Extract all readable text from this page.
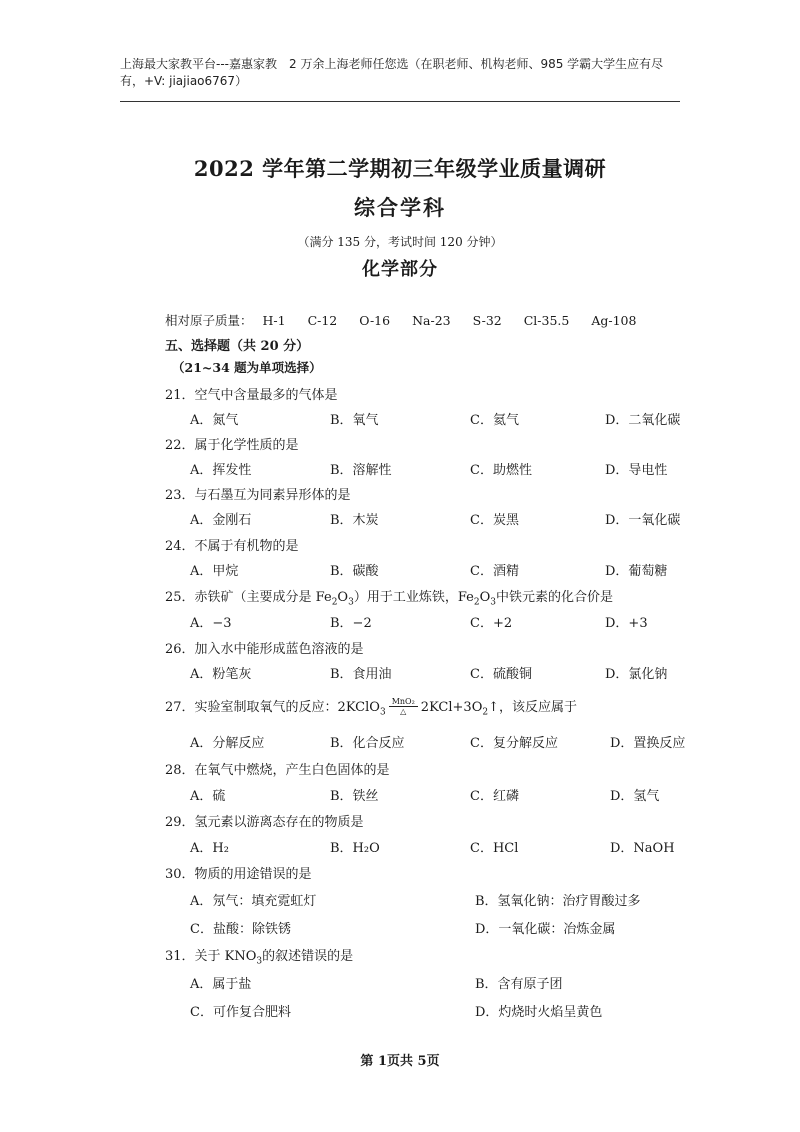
上海最大家教平台---嘉惠家教　2 万余上海老师任您选（在职老师、机构老师、985 学霸大学生应有尽
有，+V: jiajiao6767）
2022 学年第二学期初三年级学业质量调研
综合学科
（满分 135 分，考试时间 120 分钟）
化学部分
相对原子质量： H-1 C-12 O-16 Na-23 S-32 Cl-35.5 Ag-108
五、选择题（共 20 分）
（21~34 题为单项选择）
21．空气中含量最多的气体是
A．氮气	B．氧气	C．氦气	D．二氧化碳
22．属于化学性质的是
A．挥发性	B．溶解性	C．助燃性	D．导电性
23．与石墨互为同素异形体的是
A．金刚石	B．木炭	C．炭黑	D．一氧化碳
24．不属于有机物的是
A．甲烷	B．碳酸	C．酒精	D．葡萄糖
25．赤铁矿（主要成分是 $Fe_2O_3$）用于工业炼铁，$Fe_2O_3$中铁元素的化合价是
A．−3	B．−2	C．+2	D．+3
26．加入水中能形成蓝色溶液的是
A．粉笔灰	B．食用油	C．硫酸铜	D．氯化钠
27．实验室制取氧气的反应：2KClO$_3$ $\frac{\text{MnO₂}}{\triangle}$ $2KCl+3O_2↑$，该反应属于
A．分解反应	B．化合反应	C．复分解反应	D．置换反应
28．在氧气中燃烧，产生白色固体的是
A．硫	B．铁丝	C．红磷	D．氢气
29．氢元素以游离态存在的物质是
A．H₂	B．H₂O	C．HCl	D．NaOH
30．物质的用途错误的是
A．氖气：填充霓虹灯	B．氢氧化钠：治疗胃酸过多
C．盐酸：除铁锈	D．一氧化碳：冶炼金属
31．关于 $KNO_3$的叙述错误的是
A．属于盐	B．含有原子团
C．可作复合肥料	D．灼烧时火焰呈黄色
第 1页共 5页
